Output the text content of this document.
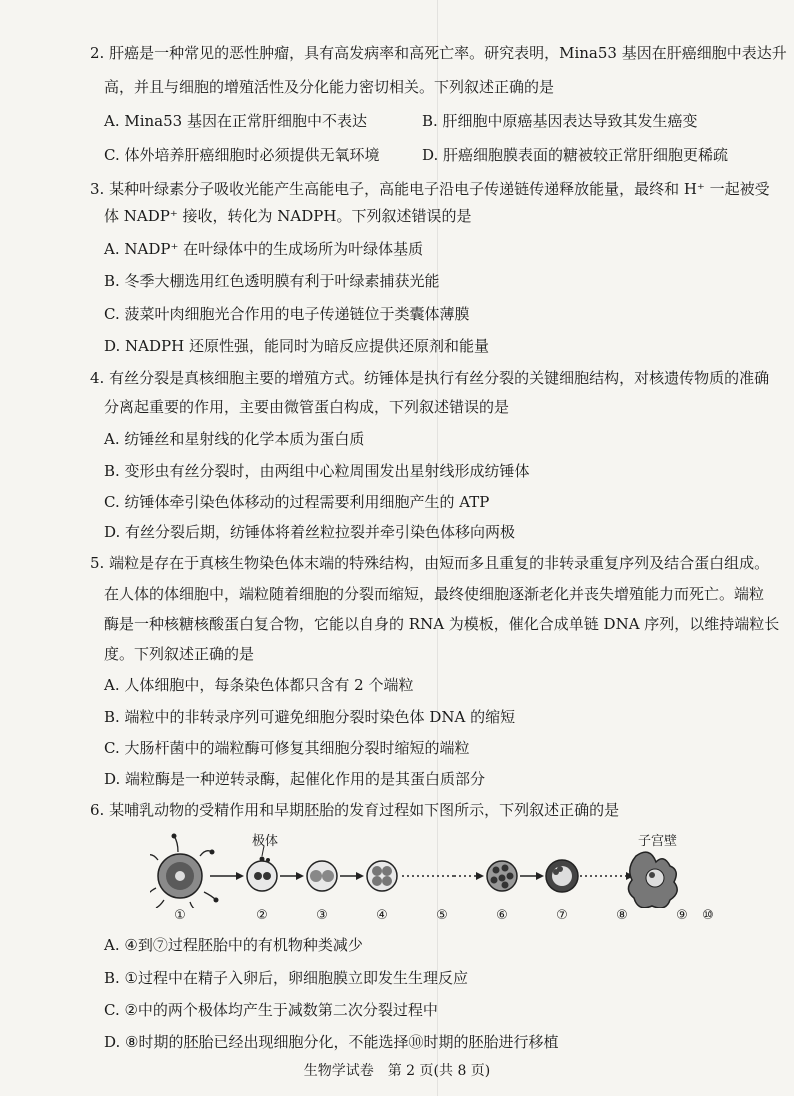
2. 肝癌是一种常见的恶性肿瘤，具有高发病率和高死亡率。研究表明，Mina53 基因在肝癌细胞中表达升
高，并且与细胞的增殖活性及分化能力密切相关。下列叙述正确的是
A. Mina53 基因在正常肝细胞中不表达	B. 肝细胞中原癌基因表达导致其发生癌变
C. 体外培养肝癌细胞时必须提供无氧环境	D. 肝癌细胞膜表面的糖被较正常肝细胞更稀疏
3. 某种叶绿素分子吸收光能产生高能电子，高能电子沿电子传递链传递释放能量，最终和 H⁺ 一起被受
体 NADP⁺ 接收，转化为 NADPH。下列叙述错误的是
A. NADP⁺ 在叶绿体中的生成场所为叶绿体基质
B. 冬季大棚选用红色透明膜有利于叶绿素捕获光能
C. 菠菜叶肉细胞光合作用的电子传递链位于类囊体薄膜
D. NADPH 还原性强，能同时为暗反应提供还原剂和能量
4. 有丝分裂是真核细胞主要的增殖方式。纺锤体是执行有丝分裂的关键细胞结构，对核遗传物质的准确
分离起重要的作用，主要由微管蛋白构成，下列叙述错误的是
A. 纺锤丝和星射线的化学本质为蛋白质
B. 变形虫有丝分裂时，由两组中心粒周围发出星射线形成纺锤体
C. 纺锤体牵引染色体移动的过程需要利用细胞产生的 ATP
D. 有丝分裂后期，纺锤体将着丝粒拉裂并牵引染色体移向两极
5. 端粒是存在于真核生物染色体末端的特殊结构，由短而多且重复的非转录重复序列及结合蛋白组成。
在人体的体细胞中，端粒随着细胞的分裂而缩短，最终使细胞逐渐老化并丧失增殖能力而死亡。端粒
酶是一种核糖核酸蛋白复合物，它能以自身的 RNA 为模板，催化合成单链 DNA 序列，以维持端粒长
度。下列叙述正确的是
A. 人体细胞中，每条染色体都只含有 2 个端粒
B. 端粒中的非转录序列可避免细胞分裂时染色体 DNA 的缩短
C. 大肠杆菌中的端粒酶可修复其细胞分裂时缩短的端粒
D. 端粒酶是一种逆转录酶，起催化作用的是其蛋白质部分
6. 某哺乳动物的受精作用和早期胚胎的发育过程如下图所示，下列叙述正确的是
极体	子宫壁
①	②	③	④	⑤	⑥	⑦	⑧	⑨	⑩
A. ④到⑦过程胚胎中的有机物种类减少
B. ①过程中在精子入卵后，卵细胞膜立即发生生理反应
C. ②中的两个极体均产生于减数第二次分裂过程中
D. ⑧时期的胚胎已经出现细胞分化，不能选择⑩时期的胚胎进行移植
生物学试卷　第 2 页(共 8 页)
